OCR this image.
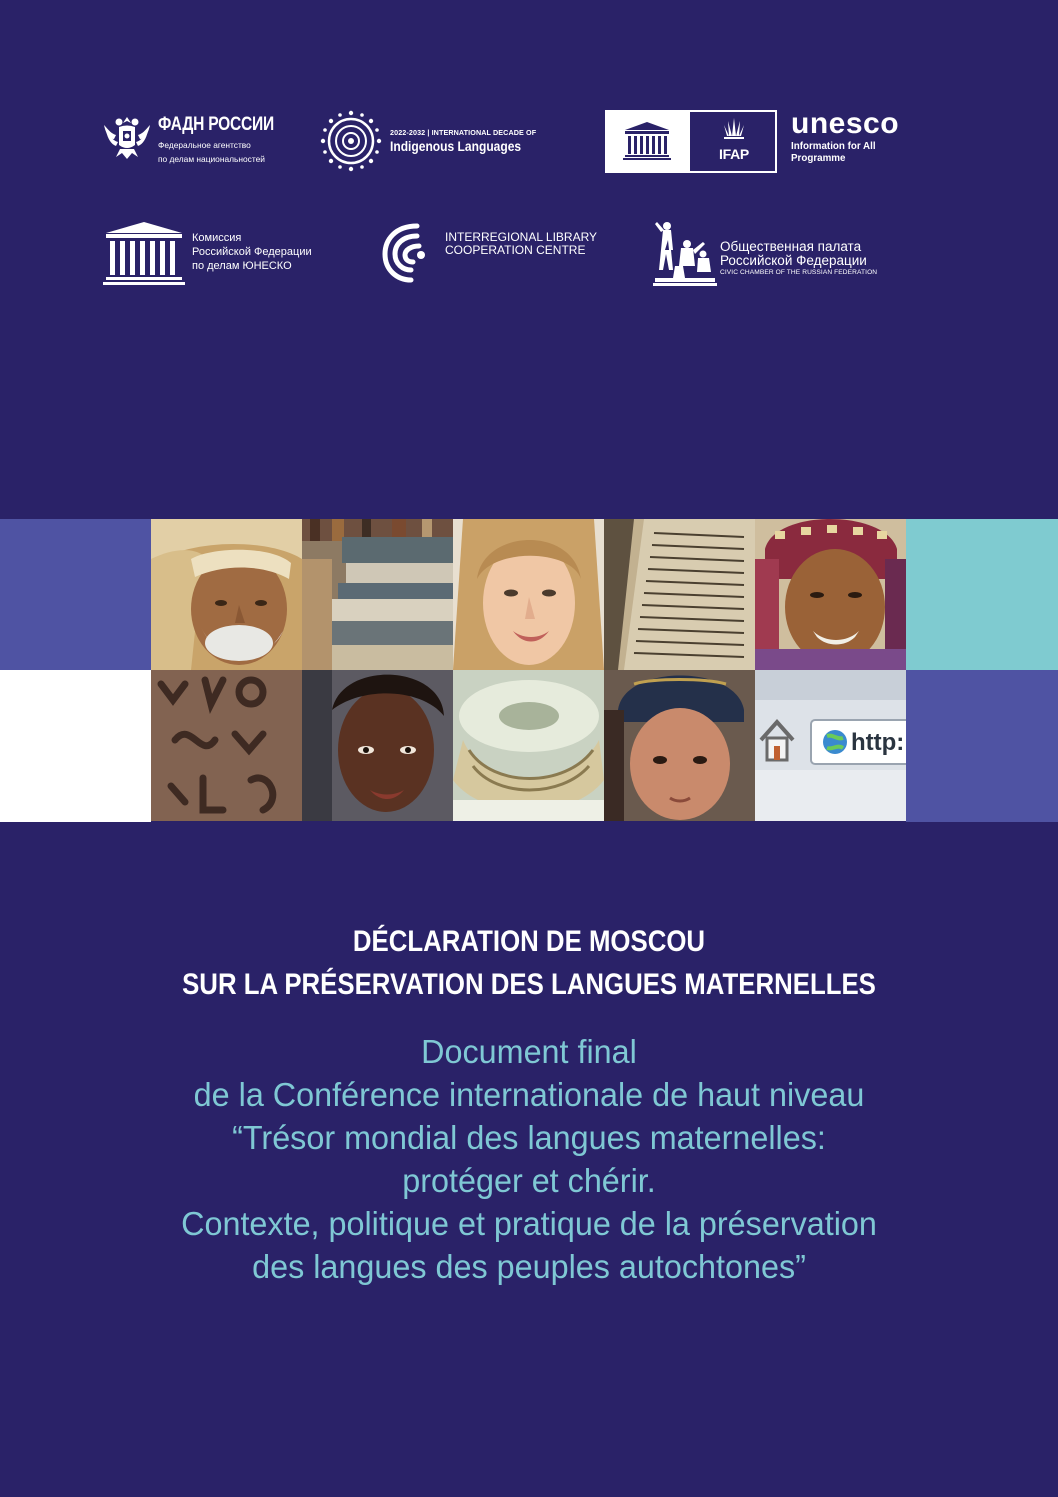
ФАДН РОССИИ
Федеральное агентство
по делам национальностей
2022-2032 | INTERNATIONAL DECADE OF
Indigenous Languages	IFAP
unesco
Information for All Programme
Комиссия
Российской Федерации
по делам ЮНЕСКО
INTERREGIONAL LIBRARY
COOPERATION CENTRE	Общественная палата
Российской Федерации
CIVIC CHAMBER OF THE RUSSIAN FEDERATION
http:
DÉCLARATION DE MOSCOU
SUR LA PRÉSERVATION DES LANGUES MATERNELLES
Document final
de la Conférence internationale de haut niveau
“Trésor mondial des langues maternelles:
protéger et chérir.
Contexte, politique et pratique de la préservation
des langues des peuples autochtones”
